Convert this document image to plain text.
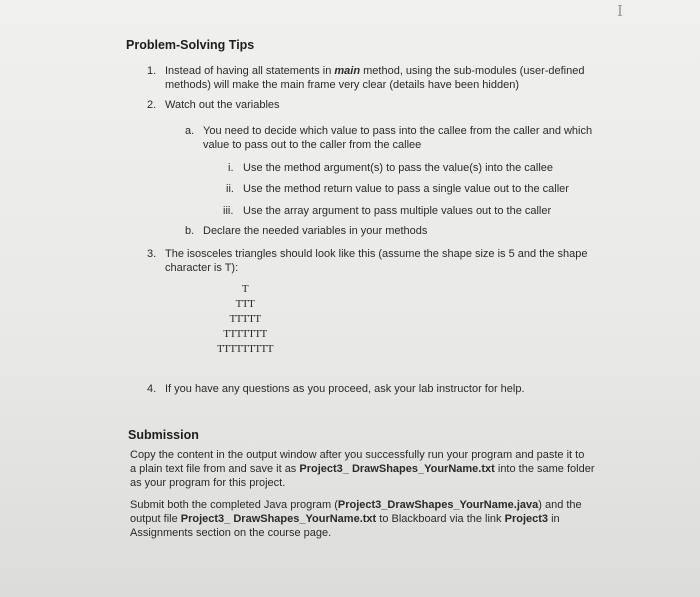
I
Problem-Solving Tips
1. Instead of having all statements in main method, using the sub-modules (user-defined
methods) will make the main frame very clear (details have been hidden)
2. Watch out the variables
a. You need to decide which value to pass into the callee from the caller and which
value to pass out to the caller from the callee
i. Use the method argument(s) to pass the value(s) into the callee
ii. Use the method return value to pass a single value out to the caller
iii. Use the array argument to pass multiple values out to the caller
b. Declare the needed variables in your methods
3. The isosceles triangles should look like this (assume the shape size is 5 and the shape
character is T):
T
TTT
TTTTT
TTTTTTT
TTTTTTTTT
4. If you have any questions as you proceed, ask your lab instructor for help.
Submission
Copy the content in the output window after you successfully run your program and paste it to
a plain text file from and save it as Project3_ DrawShapes_YourName.txt into the same folder
as your program for this project.
Submit both the completed Java program (Project3_DrawShapes_YourName.java) and the
output file Project3_ DrawShapes_YourName.txt to Blackboard via the link Project3 in
Assignments section on the course page.
